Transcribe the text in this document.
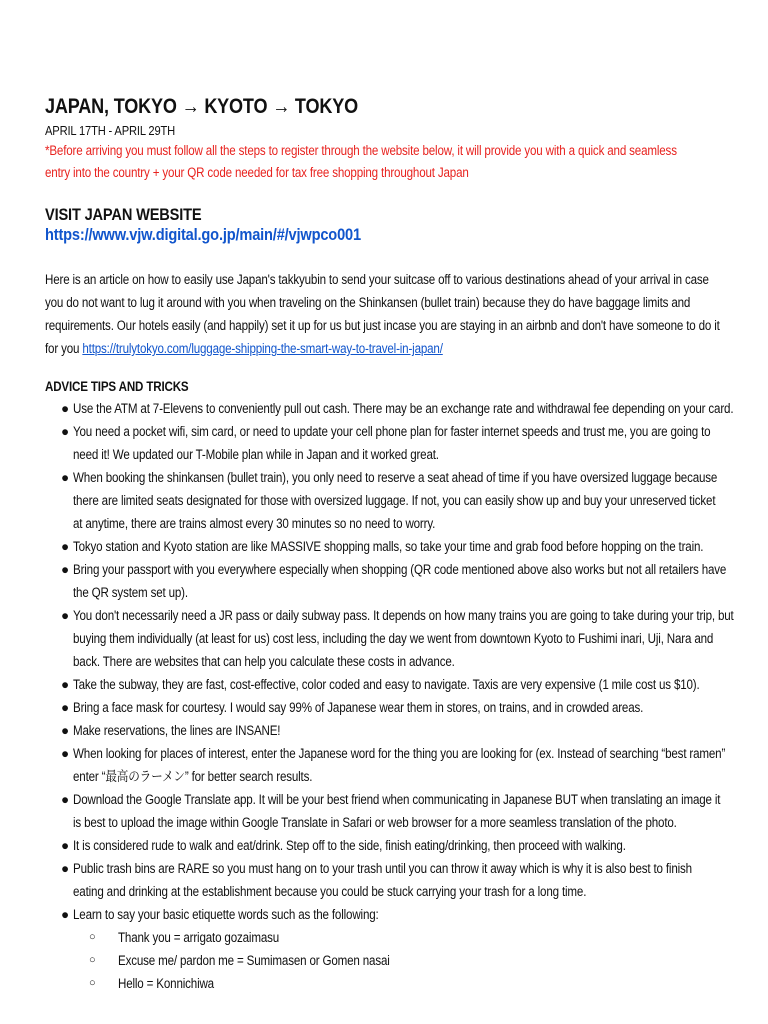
JAPAN, TOKYO → KYOTO → TOKYO
APRIL 17TH - APRIL 29TH
*Before arriving you must follow all the steps to register through the website below, it will provide you with a quick and seamless
entry into the country + your QR code needed for tax free shopping throughout Japan
VISIT JAPAN WEBSITE
https://www.vjw.digital.go.jp/main/#/vjwpco001
Here is an article on how to easily use Japan's takkyubin to send your suitcase off to various destinations ahead of your arrival in case
you do not want to lug it around with you when traveling on the Shinkansen (bullet train) because they do have baggage limits and
requirements. Our hotels easily (and happily) set it up for us but just incase you are staying in an airbnb and don't have someone to do it
for you https://trulytokyo.com/luggage-shipping-the-smart-way-to-travel-in-japan/
ADVICE TIPS AND TRICKS
● Use the ATM at 7-Elevens to conveniently pull out cash. There may be an exchange rate and withdrawal fee depending on your card.
● You need a pocket wifi, sim card, or need to update your cell phone plan for faster internet speeds and trust me, you are going to
need it! We updated our T-Mobile plan while in Japan and it worked great.
● When booking the shinkansen (bullet train), you only need to reserve a seat ahead of time if you have oversized luggage because
there are limited seats designated for those with oversized luggage. If not, you can easily show up and buy your unreserved ticket
at anytime, there are trains almost every 30 minutes so no need to worry.
● Tokyo station and Kyoto station are like MASSIVE shopping malls, so take your time and grab food before hopping on the train.
● Bring your passport with you everywhere especially when shopping (QR code mentioned above also works but not all retailers have
the QR system set up).
● You don't necessarily need a JR pass or daily subway pass. It depends on how many trains you are going to take during your trip, but
buying them individually (at least for us) cost less, including the day we went from downtown Kyoto to Fushimi inari, Uji, Nara and
back. There are websites that can help you calculate these costs in advance.
● Take the subway, they are fast, cost-effective, color coded and easy to navigate. Taxis are very expensive (1 mile cost us $10).
● Bring a face mask for courtesy. I would say 99% of Japanese wear them in stores, on trains, and in crowded areas.
● Make reservations, the lines are INSANE!
● When looking for places of interest, enter the Japanese word for the thing you are looking for (ex. Instead of searching “best ramen”
enter “最高のラーメン” for better search results.
● Download the Google Translate app. It will be your best friend when communicating in Japanese BUT when translating an image it
is best to upload the image within Google Translate in Safari or web browser for a more seamless translation of the photo.
● It is considered rude to walk and eat/drink. Step off to the side, finish eating/drinking, then proceed with walking.
● Public trash bins are RARE so you must hang on to your trash until you can throw it away which is why it is also best to finish
eating and drinking at the establishment because you could be stuck carrying your trash for a long time.
● Learn to say your basic etiquette words such as the following:
○ Thank you = arrigato gozaimasu
○ Excuse me/ pardon me = Sumimasen or Gomen nasai
○ Hello = Konnichiwa
